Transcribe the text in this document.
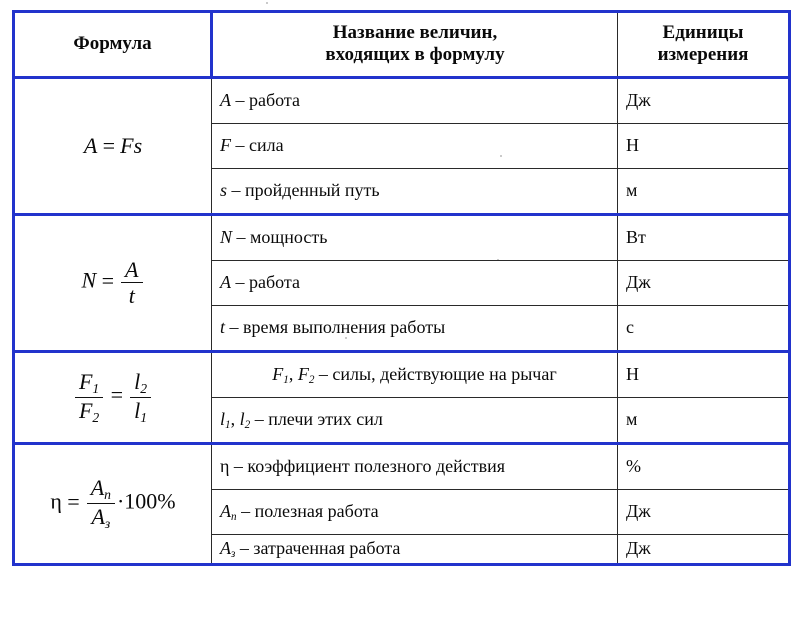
Формула	Название величин,
входящих в формулу	Единицы
измерения
A = Fs	A – работа	Дж
	F – сила	Н
	s – пройденный путь	м
$N = \frac{A}{t}$	N – мощность	Вт
	A – работа	Дж
	t – время выполнения работы	с

$\frac{F_1}{F_2} = \frac{l_2}{l_1}$	$F_1$, $F_2$ – силы, действующие на рычаг	Н
	$l_1$, $l_2$ – плечи этих сил	м
$\eta = \frac{A_п}{A_з} \cdot 100\%$	η – коэффициент полезного действия	%
	$A_п$ – полезная работа	Дж
	$A_з$ – затраченная работа	Дж
